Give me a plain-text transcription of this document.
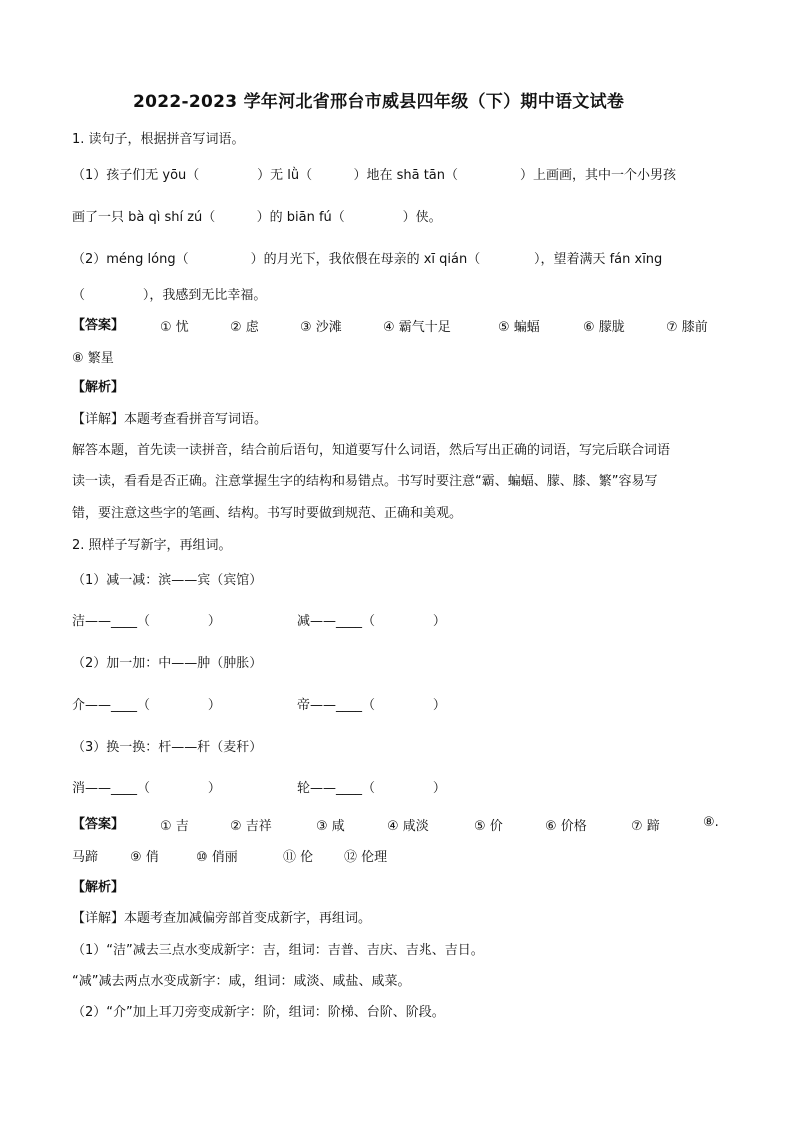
2022-2023 学年河北省邢台市威县四年级（下）期中语文试卷
1. 读句子，根据拼音写词语。
（1）孩子们无 yōu（              ）无 lǜ（          ）地在 shā tān（               ）上画画，其中一个小男孩
画了一只 bà qì shí zú（          ）的 biān fú（              ）侠。
（2）méng lóng（               ）的月光下，我依偎在母亲的 xī qián（             ），望着满天 fán xīng
（              ），我感到无比幸福。
【答案】	① 忧	② 虑	③ 沙滩	④ 霸气十足	⑤ 蝙蝠	⑥ 朦胧	⑦ 膝前
⑧ 繁星
【解析】
【详解】本题考查看拼音写词语。
解答本题，首先读一读拼音，结合前后语句，知道要写什么词语，然后写出正确的词语，写完后联合词语
读一读，看看是否正确。注意掌握生字的结构和易错点。书写时要注意“霸、蝙蝠、朦、膝、繁”容易写
错，要注意这些字的笔画、结构。书写时要做到规范、正确和美观。
2. 照样子写新字，再组词。
（1）减一减：滨——宾（宾馆）
洁——____（              ）	减——____（              ）
（2）加一加：中——肿（肿胀）
介——____（              ）	帝——____（              ）
（3）换一换：杆——秆（麦秆）
消——____（              ）	轮——____（              ）
【答案】	① 吉	② 吉祥	③ 咸	④ 咸淡	⑤ 价	⑥ 价格	⑦ 蹄	⑧.
马蹄 ⑨ 俏	⑩ 俏丽	⑪ 伦 ⑫ 伦理
【解析】
【详解】本题考查加减偏旁部首变成新字，再组词。
（1）“洁”减去三点水变成新字：吉，组词：吉普、吉庆、吉兆、吉日。
“减”减去两点水变成新字：咸，组词：咸淡、咸盐、咸菜。
（2）“介”加上耳刀旁变成新字：阶，组词：阶梯、台阶、阶段。
